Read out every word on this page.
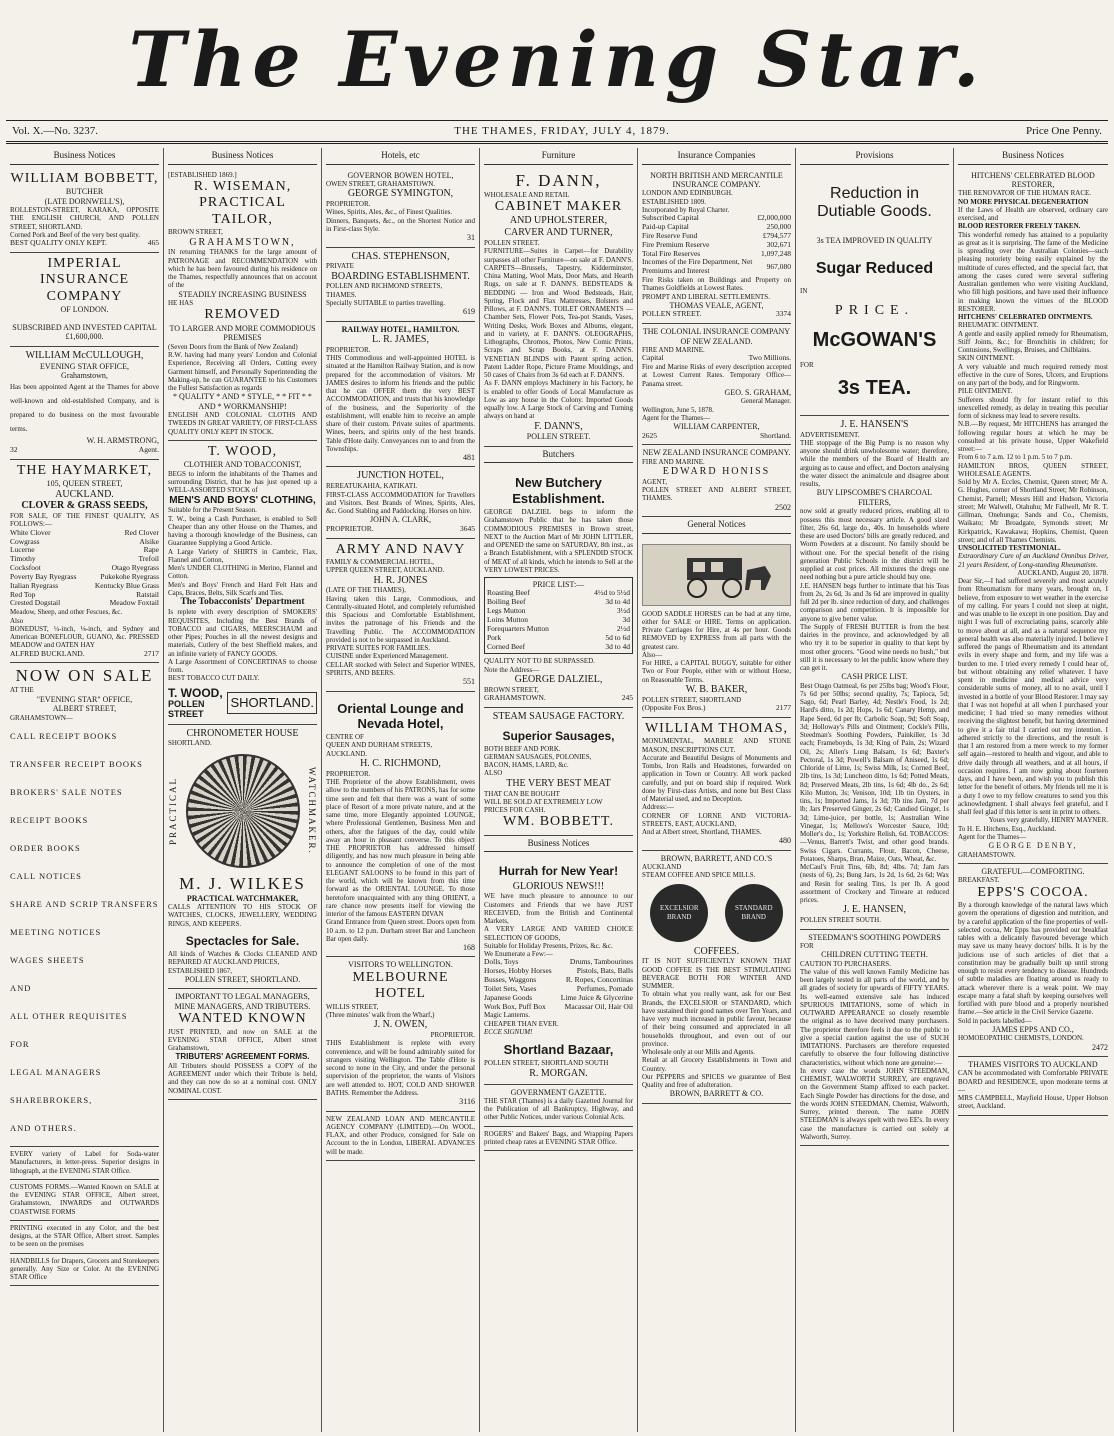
The Evening Star.
Vol. X.—No. 3237.	THE THAMES, FRIDAY, JULY 4, 1879.	Price One Penny.
Business Notices
WILLIAM BOBBETT,
BUTCHER
(LATE DORNWELL'S),
ROLLESTON-STREET, KARAKA, OPPOSITE THE ENGLISH CHURCH, AND POLLEN STREET, SHORTLAND.
Corned Pork and Beef of the very best quality.
BEST QUALITY ONLY KEPT.	465
IMPERIAL
INSURANCE COMPANY
OF LONDON.
SUBSCRIBED AND INVESTED CAPITAL £1,600,000.
WILLIAM McCULLOUGH,
EVENING STAR OFFICE,
Grahamstown,
Has been appointed Agent at the Thames for above well-known and old-established Company, and is prepared to do business on the most favourable terms.
W. H. ARMSTRONG,
32	Agent.
THE HAYMARKET,
105, QUEEN STREET,
AUCKLAND.
CLOVER & GRASS SEEDS,
FOR SALE, OF THE FINEST QUALITY, AS FOLLOWS:—
White Clover	Red Clover
Cowgrass	Alsike
Lucerne	Rape
Timothy	Trefoil
Cocksfoot	Otago Ryegrass
Poverty Bay Ryegrass	Pukekohe Ryegrass
Italian Ryegrass	Kentucky Blue Grass
Red Top	Ratstail
Crested Dogstail	Meadow Foxtail
Meadow, Sheep, and other Fescues, &c.
Also
BONEDUST, ¼-inch, ⅛-inch, and Sydney and American BONEFLOUR, GUANO, &c. PRESSED MEADOW and OATEN HAY
ALFRED BUCKLAND.	2717
NOW ON SALE
AT THE
"EVENING STAR" OFFICE,
ALBERT STREET,
GRAHAMSTOWN—
CALL RECEIPT BOOKS
TRANSFER RECEIPT BOOKS
BROKERS' SALE NOTES
RECEIPT BOOKS
ORDER BOOKS
CALL NOTICES
SHARE AND SCRIP TRANSFERS
MEETING NOTICES
WAGES SHEETS
AND
ALL OTHER REQUISITES
FOR
LEGAL MANAGERS
SHAREBROKERS,
AND OTHERS.
EVERY variety of Label for Soda-water Manufacturers, in letter-press. Superior designs in lithograph, at the EVENING STAR Office.
CUSTOMS FORMS.—Wanted Known on SALE at the EVENING STAR OFFICE, Albert street, Grahamstown, INWARDS and OUTWARDS COASTWISE FORMS
PRINTING executed in any Color, and the best designs, at the STAR Office, Albert street. Samples to be seen on the premises
HANDBILLS for Drapers, Grocers and Storekeepers generally. Any Size or Color. At the EVENING STAR Office
Business Notices
[ESTABLISHED 1869.]
R. WISEMAN,
PRACTICAL TAILOR,
BROWN STREET,
GRAHAMSTOWN,
IN returning THANKS for the large amount of PATRONAGE and RECOMMENDATION with which he has been favoured during his residence on the Thames, respectfully announces that on account of the
STEADILY INCREASING BUSINESS
HE HAS
REMOVED
TO LARGER AND MORE COMMODIOUS PREMISES
(Seven Doors from the Bank of New Zealand)
R.W. having had many years' London and Colonial Experience, Receiving all Orders, Cutting every Garment himself, and Personally Superintending the Making-up, he can GUARANTEE to his Customers the Fullest Satisfaction as regards
* QUALITY * AND * STYLE, * * FIT * * AND * WORKMANSHIP!
ENGLISH AND COLONIAL CLOTHS AND TWEEDS IN GREAT VARIETY, OF FIRST-CLASS QUALITY ONLY KEPT IN STOCK.
T. WOOD,
CLOTHIER AND TOBACCONIST,
BEGS to inform the inhabitants of the Thames and surrounding District, that he has just opened up a WELL-ASSORTED STOCK of
MEN'S AND BOYS' CLOTHING,
Suitable for the Present Season.
T. W., being a Cash Purchaser, is enabled to Sell Cheaper than any other House on the Thames, and having a thorough knowledge of the Business, can Guarantee Supplying a Good Article.
A Large Variety of SHIRTS in Cambric, Flax, Flannel and Cotton,
Men's UNDER CLOTHING in Merino, Flannel and Cotton.
Men's and Boys' French and Hard Felt Hats and Caps, Braces, Belts, Silk Scarfs and Ties.
The Tobacconists' Department
Is replete with every description of SMOKERS' REQUISITES, Including the Best Brands of TOBACCO and CIGARS, MEERSCHAUM and other Pipes; Pouches in all the newest designs and materials, Cutlery of the best Sheffield makes, and an infinite variety of FANCY GOODS.
A Large Assortment of CONCERTINAS to choose from.
BEST TOBACCO CUT DAILY.
T. WOOD,
POLLEN STREET
SHORTLAND.
CHRONOMETER HOUSE
SHORTLAND.
PRACTICAL	WATCHMAKER.
M. J. WILKES
PRACTICAL WATCHMAKER,
CALLS ATTENTION TO HIS STOCK OF WATCHES, CLOCKS, JEWELLERY, WEDDING RINGS, AND KEEPERS.
Spectacles for Sale.
All kinds of Watches & Clocks CLEANED AND REPAIRED AT AUCKLAND PRICES,
ESTABLISHED 1867,
POLLEN STREET, SHORTLAND.
IMPORTANT TO LEGAL MANAGERS, MINE MANAGERS, AND TRIBUTERS.
WANTED KNOWN
JUST PRINTED, and now on SALE at the EVENING STAR OFFICE, Albert street Grahamstown,
TRIBUTERS' AGREEMENT FORMS.
All Tributers should POSSESS a COPY of the AGREEMENT under which their Tribute is held, and they can now do so at a nominal cost. ONLY NOMINAL COST.
Hotels, etc
GOVERNOR BOWEN HOTEL,
OWEN STREET, GRAHAMSTOWN.
GEORGE SYMINGTON,
PROPRIETOR.
Wines, Spirits, Ales, &c., of Finest Qualities.
Dinners, Banquets, &c., on the Shortest Notice and in First-class Style.
31
CHAS. STEPHENSON,
PRIVATE
BOARDING ESTABLISHMENT.
POLLEN AND RICHMOND STREETS,
THAMES.
Specially SUITABLE to parties travelling.
619
RAILWAY HOTEL, HAMILTON.
L. R. JAMES,
PROPRIETOR.
THIS Commodious and well-appointed HOTEL is situated at the Hamilton Railway Station, and is now prepared for the accommodation of visitors. Mr JAMES desires to inform his friends and the public that he can OFFER them the very BEST ACCOMMODATION, and trusts that his knowledge of the business, and the Superiority of the establishment, will enable him to receive an ample share of their custom. Private suites of apartments. Wines, beers, and spirits only of the best brands. Table d'Hote daily. Conveyances run to and from the Townships.
481
JUNCTION HOTEL,
REREATUKAHIA, KATIKATI.
FIRST-CLASS ACCOMMODATION for Travellers and Visitors. Best Brands of Wines, Spirits, Ales, &c. Good Stabling and Paddocking. Horses on hire.
JOHN A. CLARK,
PROPRIETOR.	3645
ARMY AND NAVY
FAMILY & COMMERCIAL HOTEL,
UPPER QUEEN STREET, AUCKLAND.
H. R. JONES
(LATE OF THE THAMES),
Having taken this Large, Commodious, and Centrally-situated Hotel, and completely refurnished this Spacious and Comfortable Establishment, invites the patronage of his Friends and the Travelling Public. The ACCOMMODATION provided is not to be surpassed in Auckland.
PRIVATE SUITES FOR FAMILIES.
CUISINE under Experienced Management.
CELLAR stocked with Select and Superior WINES, SPIRITS, AND BEERS.
551
Oriental Lounge and Nevada Hotel,
CENTRE OF
QUEEN AND DURHAM STREETS,
AUCKLAND.
H. C. RICHMOND,
PROPRIETOR.
THE Proprietor of the above Establishment, owes allow to the numbers of his PATRONS, has for some time seen and felt that there was a want of some place of Resort of a more private nature, and at the same time, more Elegantly appointed LOUNGE, where Professional Gentlemen, Business Men and others, after the fatigues of the day, could while away an hour in pleasant converse. To this object THE PROPRIETOR has addressed himself diligently, and has now much pleasure in being able to announce the completion of one of the most ELEGANT SALOONS to be found in this part of the world, which will be known from this time forward as the ORIENTAL LOUNGE. To those heretofore unacquainted with any thing ORIENT, a rare chance now presents itself for viewing the interior of the famous EASTERN DIVAN
Grand Entrance from Queen street. Doors open from 10 a.m. to 12 p.m. Durham street Bar and Luncheon Bar open daily.
168
VISITORS TO WELLINGTON.
MELBOURNE HOTEL
WILLIS STREET,
(Three minutes' walk from the Wharf,)
J. N. OWEN,
PROPRIETOR.
THIS Establishment is replete with every convenience, and will be found admirably suited for strangers visiting Wellington. The Table d'Hote is second to none in the City, and under the personal supervision of the proprietor, the wants of Visitors are well attended to. HOT, COLD AND SHOWER BATHS. Remember the Address.
3116
NEW ZEALAND LOAN AND MERCANTILE AGENCY COMPANY (LIMITED).—On WOOL, FLAX, and other Produce, consigned for Sale on Account to the in London, LIBERAL ADVANCES will be made.
Furniture
F. DANN,
WHOLESALE AND RETAIL
CABINET MAKER
AND UPHOLSTERER,
CARVER AND TURNER,
POLLEN STREET.
FURNITURE—Suites in Carpet—for Durability surpasses all other Furniture—on sale at F. DANN'S. CARPETS—Brussels, Tapestry, Kidderminster, China Matting, Wool Mats, Door Mats, and Hearth Rugs, on sale at F. DANN'S. BEDSTEADS & BEDDING — Iron and Wood Bedsteads, Hair, Spring, Flock and Flax Mattresses, Bolsters and Pillows, at F. DANN'S. TOILET ORNAMENTS — Chamber Sets, Flower Pots, Tea-pot Stands, Vases, Writing Desks, Work Boxes and Albums, elegant, and in variety, at F. DANN'S. OLEOGRAPHS, Lithographs, Chromos, Photos, New Comic Prints, Scraps and Scrap Books, at F. DANN'S. VENETIAN BLINDS with Patent spring action, Patent Ladder Rope, Picture Frame Mouldings, and 50 cases of Chairs from 3s 6d each at F. DANN'S.
As F. DANN employs Machinery in his Factory, he is enabled to offer Goods of Local Manufacture as Low as any house in the Colony. Imported Goods equally low. A Large Stock of Carving and Turning always on hand at
F. DANN'S,
POLLEN STREET.
Butchers
New Butchery Establishment.
GEORGE DALZIEL begs to inform the Grahamstown Public that he has taken those COMMODIOUS PREMISES in Brown street, NEXT to the Auction Mart of Mr JOHN LITTLER, and OPENED the same on SATURDAY, 8th inst., as a Branch Establishment, with a SPLENDID STOCK of MEAT of all kinds, which he intends to Sell at the VERY LOWEST PRICES.
PRICE LIST:—
Roasting Beef	4½d to 5½d
Boiling Beef	3d to 4d
Legs Mutton	3½d
Loins Mutton	3d
Forequarters Mutton	2½d
Pork	5d to 6d
Corned Beef	3d to 4d
QUALITY NOT TO BE SURPASSED.
Note the Address—
GEORGE DALZIEL,
BROWN STREET,
GRAHAMSTOWN.	245
STEAM SAUSAGE FACTORY.
Superior Sausages,
BOTH BEEF AND PORK.
GERMAN SAUSAGES, POLONIES,
BACON, HAMS, LARD, &c.
ALSO
THE VERY BEST MEAT
THAT CAN BE BOUGHT
WILL BE SOLD AT EXTREMELY LOW
PRICES FOR CASH.
WM. BOBBETT.
Business Notices
Hurrah for New Year!
GLORIOUS NEWS!!!
WE have much pleasure to announce to our Customers and Friends that we have JUST RECEIVED, from the British and Continental Markets,
A VERY LARGE AND VARIED CHOICE SELECTION OF GOODS,
Suitable for Holiday Presents, Prizes, &c. &c.
We Enumerate a Few:—
Dolls, Toys	Drums, Tambourines
Horses, Hobby Horses	Pistols, Bats, Balls
Busses, Waggons	R. Ropes, Concertinas
Toilet Sets, Vases	Perfumes, Pomade
Japanese Goods	Lime Juice & Glycerine
Work Box, Puff Box	Macassar Oil, Hair Oil
Magic Lanterns.
CHEAPER THAN EVER.
ECCE SIGNUM!
Shortland Bazaar,
POLLEN STREET, SHORTLAND SOUTH
R. MORGAN.
GOVERNMENT GAZETTE.
THE STAR (Thames) is a daily Gazetted Journal for the Publication of all Bankruptcy, Highway, and other Public Notices, under various Colonial Acts.
ROGERS' and Bakers' Bags, and Wrapping Papers printed cheap rates at EVENING STAR Office.
Insurance Companies
NORTH BRITISH AND MERCANTILE INSURANCE COMPANY.
LONDON AND EDINBURGH.
ESTABLISHED 1809.
Incorporated by Royal Charter.
Subscribed Capital	£2,000,000
Paid-up Capital	250,000
Fire Reserve Fund	£794,577
Fire Premium Reserve	302,671
Total Fire Reserves	1,097,248
Incomes of the Fire Department, Net Premiums and Interest	967,080
Fire Risks taken on Buildings and Property on Thames Goldfields at Lowest Rates.
PROMPT AND LIBERAL SETTLEMENTS.
THOMAS VEALE, AGENT,
POLLEN STREET.	3374
THE COLONIAL INSURANCE COMPANY OF NEW ZEALAND.
FIRE AND MARINE.
Capital	Two Millions.
Fire and Marine Risks of every description accepted at Lowest Current Rates. Temporary Office—Panama street.
GEO. S. GRAHAM,
General Manager.
Wellington, June 5, 1878.
Agent for the Thames—
WILLIAM CARPENTER,
2625	Shortland.
NEW ZEALAND INSURANCE COMPANY.
FIRE AND MARINE.
EDWARD HONISS
AGENT,
POLLEN STREET AND ALBERT STREET, THAMES.
2502
General Notices
GOOD SADDLE HORSES can be had at any time, either for SALE or HIRE. Terms on application. Private Carriages for Hire, at 4s per hour. Goods REMOVED by EXPRESS from all parts with the greatest care.
Also—
For HIRE, a CAPITAL BUGGY, suitable for either Two or Four People, either with or without Horse, on Reasonable Terms.
W. B. BAKER,
POLLEN STREET, SHORTLAND
(Opposite Fox Bros.)	2177
WILLIAM THOMAS,
MONUMENTAL, MARBLE AND STONE MASON, INSCRIPTIONS CUT.
Accurate and Beautiful Designs of Monuments and Tombs, Iron Rails and Headstones, forwarded on application in Town or Country. All work packed carefully, and put on board ship if required. Work done by First-class Artists, and none but Best Class of Material used, and no Deception.
Address:—
CORNER OF LORNE AND VICTORIA-STREETS, EAST, AUCKLAND,
And at Albert street, Shortland, THAMES.
480
BROWN, BARRETT, AND CO.'S
AUCKLAND
STEAM COFFEE AND SPICE MILLS.
EXCELSIOR BRAND
STANDARD BRAND
COFFEES.
IT IS NOT SUFFICIENTLY KNOWN THAT GOOD COFFEE IS THE BEST STIMULATING BEVERAGE BOTH FOR WINTER AND SUMMER.
To obtain what you really want, ask for our Best Brands, the EXCELSIOR or STANDARD, which have sustained their good names over Ten Years, and have very much increased in public favour, because of their being consumed and appreciated in all households throughout, and even out of our province.
Wholesale only at our Mills and Agents.
Retail at all Grocery Establishments in Town and Country.
Our PEPPERS and SPICES we guarantee of Best Quality and free of adulteration.
BROWN, BARRETT & CO.
Provisions
Reduction in Dutiable Goods.
3s TEA IMPROVED IN QUALITY
Sugar Reduced
IN
PRICE.
McGOWAN'S
FOR
3s TEA.
J. E. HANSEN'S
ADVERTISEMENT.
THE stoppage of the Big Pump is no reason why anyone should drink unwholesome water; therefore, while the members of the Board of Health are arguing as to cause and effect, and Doctors analysing the water dissect the animalcule and disagree about results,
BUY LIPSCOMBE'S CHARCOAL FILTERS,
now sold at greatly reduced prices, enabling all to possess this most necessary article. A good sized filter, 26s 6d, large do., 40s. In households where these are used Doctors' bills are greatly reduced, and Worm Powders at a discount. No family should be without one. For the special benefit of the rising generation Public Schools in the district will be supplied at cost prices. All mixtures the dregs one need nothing but a pure article should buy one.
J.E. HANSEN begs further to intimate that his Teas from 2s, 2s 6d, 3s and 3s 6d are improved in quality full 2d per lb. since reduction of duty, and challenges comparison and competition. It is impossible for anyone to give better value.
The Supply of FRESH BUTTER is from the best dairies in the province, and acknowledged by all who try it to be superior in quality to that kept by most other grocers. "Good wine needs no bush," but still it is necessary to let the public know where they can get it.
CASH PRICE LIST.
Best Otago Oatmeal, 6s per 25lbs bag; Wood's Flour, 7s 6d per 50lbs; second quality, 7s; Tapioca, 5d; Sago, 6d; Pearl Barley, 4d; Nestle's Food, 1s 2d; Hard's ditto, 1s 2d; Hops, 1s 6d; Canary Hemp, and Rape Seed, 6d per lb; Carbolic Soap, 9d; Soft Soap, 3d; Holloway's Pills and Ointment; Cockle's Pills, Steedman's Soothing Powders, Painkiller, 1s 3d each; Frameboyds, 1s 3d; King of Pain, 2s; Wizard Oil, 2s; Allen's Lung Balsam, 1s 6d; Baxter's Pectoral, 1s 3d; Powell's Balsam of Aniseed, 1s 6d; Chloride of Lime, 1s; Swiss Milk, 1s; Corned Beef, 2lb tins, 1s 3d; Luncheon ditto, 1s 6d; Potted Meats, 8d; Preserved Meats, 2lb tins, 1s 6d; 4lb do., 2s 6d; Kilo Mutton, 3s; Venison, 10d; 1lb tin Oysters, in tins, 1s; Imported Jams, 1s 3d; 7lb tins Jam, 7d per lb; Jars Preserved Ginger, 2s 6d; Candied Ginger, 1s 3d; Lime-juice, per bottle, 1s; Australian Wine Vinegar, 1s; Mellows's Worcester Sauce, 10d; Moller's do., 1s; Yorkshire Relish, 6d. TOBACCOS:—Venus, Barrett's Twist, and other good brands. Swiss Cigars. Currants, Flour, Bacon, Cheese, Potatoes, Sharps, Bran, Maize, Oats, Wheat, &c.
McCaul's Fruit Tins, 6lb, 8d; 4lbs. 7d; Jam Jars (nests of 6), 2s; Bung Jars, 1s 2d, 1s 6d, 2s 6d; Wax and Resin for sealing Tins, 1s per lb. A good assortment of Crockery and Tinware at reduced prices.
J. E. HANSEN,
POLLEN STREET SOUTH.
STEEDMAN'S SOOTHING POWDERS
FOR
CHILDREN CUTTING TEETH.
CAUTION TO PURCHASERS.
The value of this well known Family Medicine has been largely tested in all parts of the world, and by all grades of society for upwards of FIFTY YEARS. Its well-earned extensive sale has induced SPURIOUS IMITATIONS, some of which in OUTWARD APPEARANCE so closely resemble the original as to have deceived many purchasers. The proprietor therefore feels it due to the public to give a special caution against the use of SUCH IMITATIONS. Purchasers are therefore requested carefully to observe the four following distinctive characteristics, without which none are genuine:—
In every case the words JOHN STEEDMAN, CHEMIST, WALWORTH SURREY, are engraved on the Government Stamp affixed to each packet. Each Single Powder has directions for the dose, and the words JOHN STEEDMAN, Chemist, Walworth, Surrey, printed thereon. The name JOHN STEEDMAN is always spelt with two EE's. In every case the manufacture is carried out solely at Walworth, Surrey.
Business Notices
HITCHENS' CELEBRATED BLOOD RESTORER,
THE RENOVATOR OF THE HUMAN RACE.
NO MORE PHYSICAL DEGENERATION
If the Laws of Health are observed, ordinary care exercised, and
BLOOD RESTORER FREELY TAKEN.
This wonderful remedy has attained to a popularity as great as it is surprising. The fame of the Medicine is spreading over the Australian Colonies—such pleasing notoriety being easily explained by the multitude of cures effected, and the special fact, that among the cases cured were several suffering Australian gentlemen who were visiting Auckland, who fill high positions, and have used their influence in making known the virtues of the BLOOD RESTORER.
HITCHENS' CELEBRATED OINTMENTS.
RHEUMATIC OINTMENT.
A gentle and easily applied remedy for Rheumatism, Stiff Joints, &c.; for Bronchitis in children; for Contusions, Swellings, Bruises, and Chilblains.
SKIN OINTMENT.
A very valuable and much required remedy most effective in the cure of Sores, Ulcers, and Eruptions on any part of the body, and for Ringworm.
PILE OINTMENT.
Sufferers should fly for instant relief to this unexcelled remedy, as delay in treating this peculiar form of sickness may lead to severe results.
N.B.—By request, Mr HITCHENS has arranged the following regular hours at which he may be consulted at his private house, Upper Wakefield street:—
From 6 to 7 a.m. 12 to 1 p.m. 5 to 7 p.m.
HAMILTON BROS, QUEEN STREET, WHOLESALE AGENTS.
Sold by Mr A. Eccles, Chemist, Queen street; Mr A. G. Hughes, corner of Shortland Street; Mr Robinson, Chemist, Parnell; Messrs Hill and Hudson, Victoria street; Mr Walwell, Otahuhu; Mr Fallwell, Mr R. T. Gillman, Onehunga; Sands and Co., Chemists, Waikato; Mr Broadgate, Symonds street; Mr Kirkpatrick, Kawakawa; Hopkins, Chemist, Queen street; and of all Thames Chemists.
UNSOLICITED TESTIMONIAL.
Extraordinary Cure of an Auckland Omnibus Driver, 21 years Resident, of Long-standing Rheumatism.
AUCKLAND, August 20, 1878.
Dear Sir,—I had suffered severely and most acutely from Rheumatism for many years, brought on, I believe, from exposure to wet weather in the exercise of my calling. For years I could not sleep at night, and was unable to lie except in one position. Day and night I was full of excruciating pains, scarcely able to move about at all, and as a natural sequence my general health was also materially injured. I believe I suffered the pangs of Rheumatism and its attendant evils in every shape and form, and my life was a burden to me. I tried every remedy I could hear of, but without obtaining any relief whatever. I have spent in medicine and medical advice very considerable sums of money, all to no avail, until I invested in a bottle of your Blood Restorer. I may say that I was not hopeful at all when I purchased your medicine; I had tried so many remedies without receiving the slightest benefit, but having determined to give it a fair trial I carried out my intention. I adhered strictly to the directions, and the result is that I am restored from a mere wreck to my former self again—restored to health and vigour, and able to drive daily through all weathers, and at all hours, if occasion requires. I am now going about fourteen days, and I have been, and wish you to publish this letter for the benefit of others. My friends tell me it is a duty I owe to my fellow creatures to send you this acknowledgment. I shall always feel grateful, and I shall feel glad if this letter is sent in print to others.
Yours very gratefully, HENRY MAYNER.
To H. E. Hitchens, Esq., Auckland.
Agent for the Thames—
GEORGE DENBY,
GRAHAMSTOWN.
GRATEFUL—COMFORTING.
BREAKFAST.
EPPS'S COCOA.
By a thorough knowledge of the natural laws which govern the operations of digestion and nutrition, and by a careful application of the fine properties of well-selected cocoa, Mr Epps has provided our breakfast tables with a delicately flavoured beverage which may save us many heavy doctors' bills. It is by the judicious use of such articles of diet that a constitution may be gradually built up until strong enough to resist every tendency to disease. Hundreds of subtle maladies are floating around us ready to attack wherever there is a weak point. We may escape many a fatal shaft by keeping ourselves well fortified with pure blood and a properly nourished frame.—See article in the Civil Service Gazette.
Sold in packets labelled—
JAMES EPPS AND CO.,
HOMOEOPATHIC CHEMISTS, LONDON.
2472
THAMES VISITORS TO AUCKLAND
CAN be accommodated with Comfortable PRIVATE BOARD and RESIDENCE, upon moderate terms at—
MRS CAMPBELL, Mayfield House, Upper Hobson street, Auckland.
